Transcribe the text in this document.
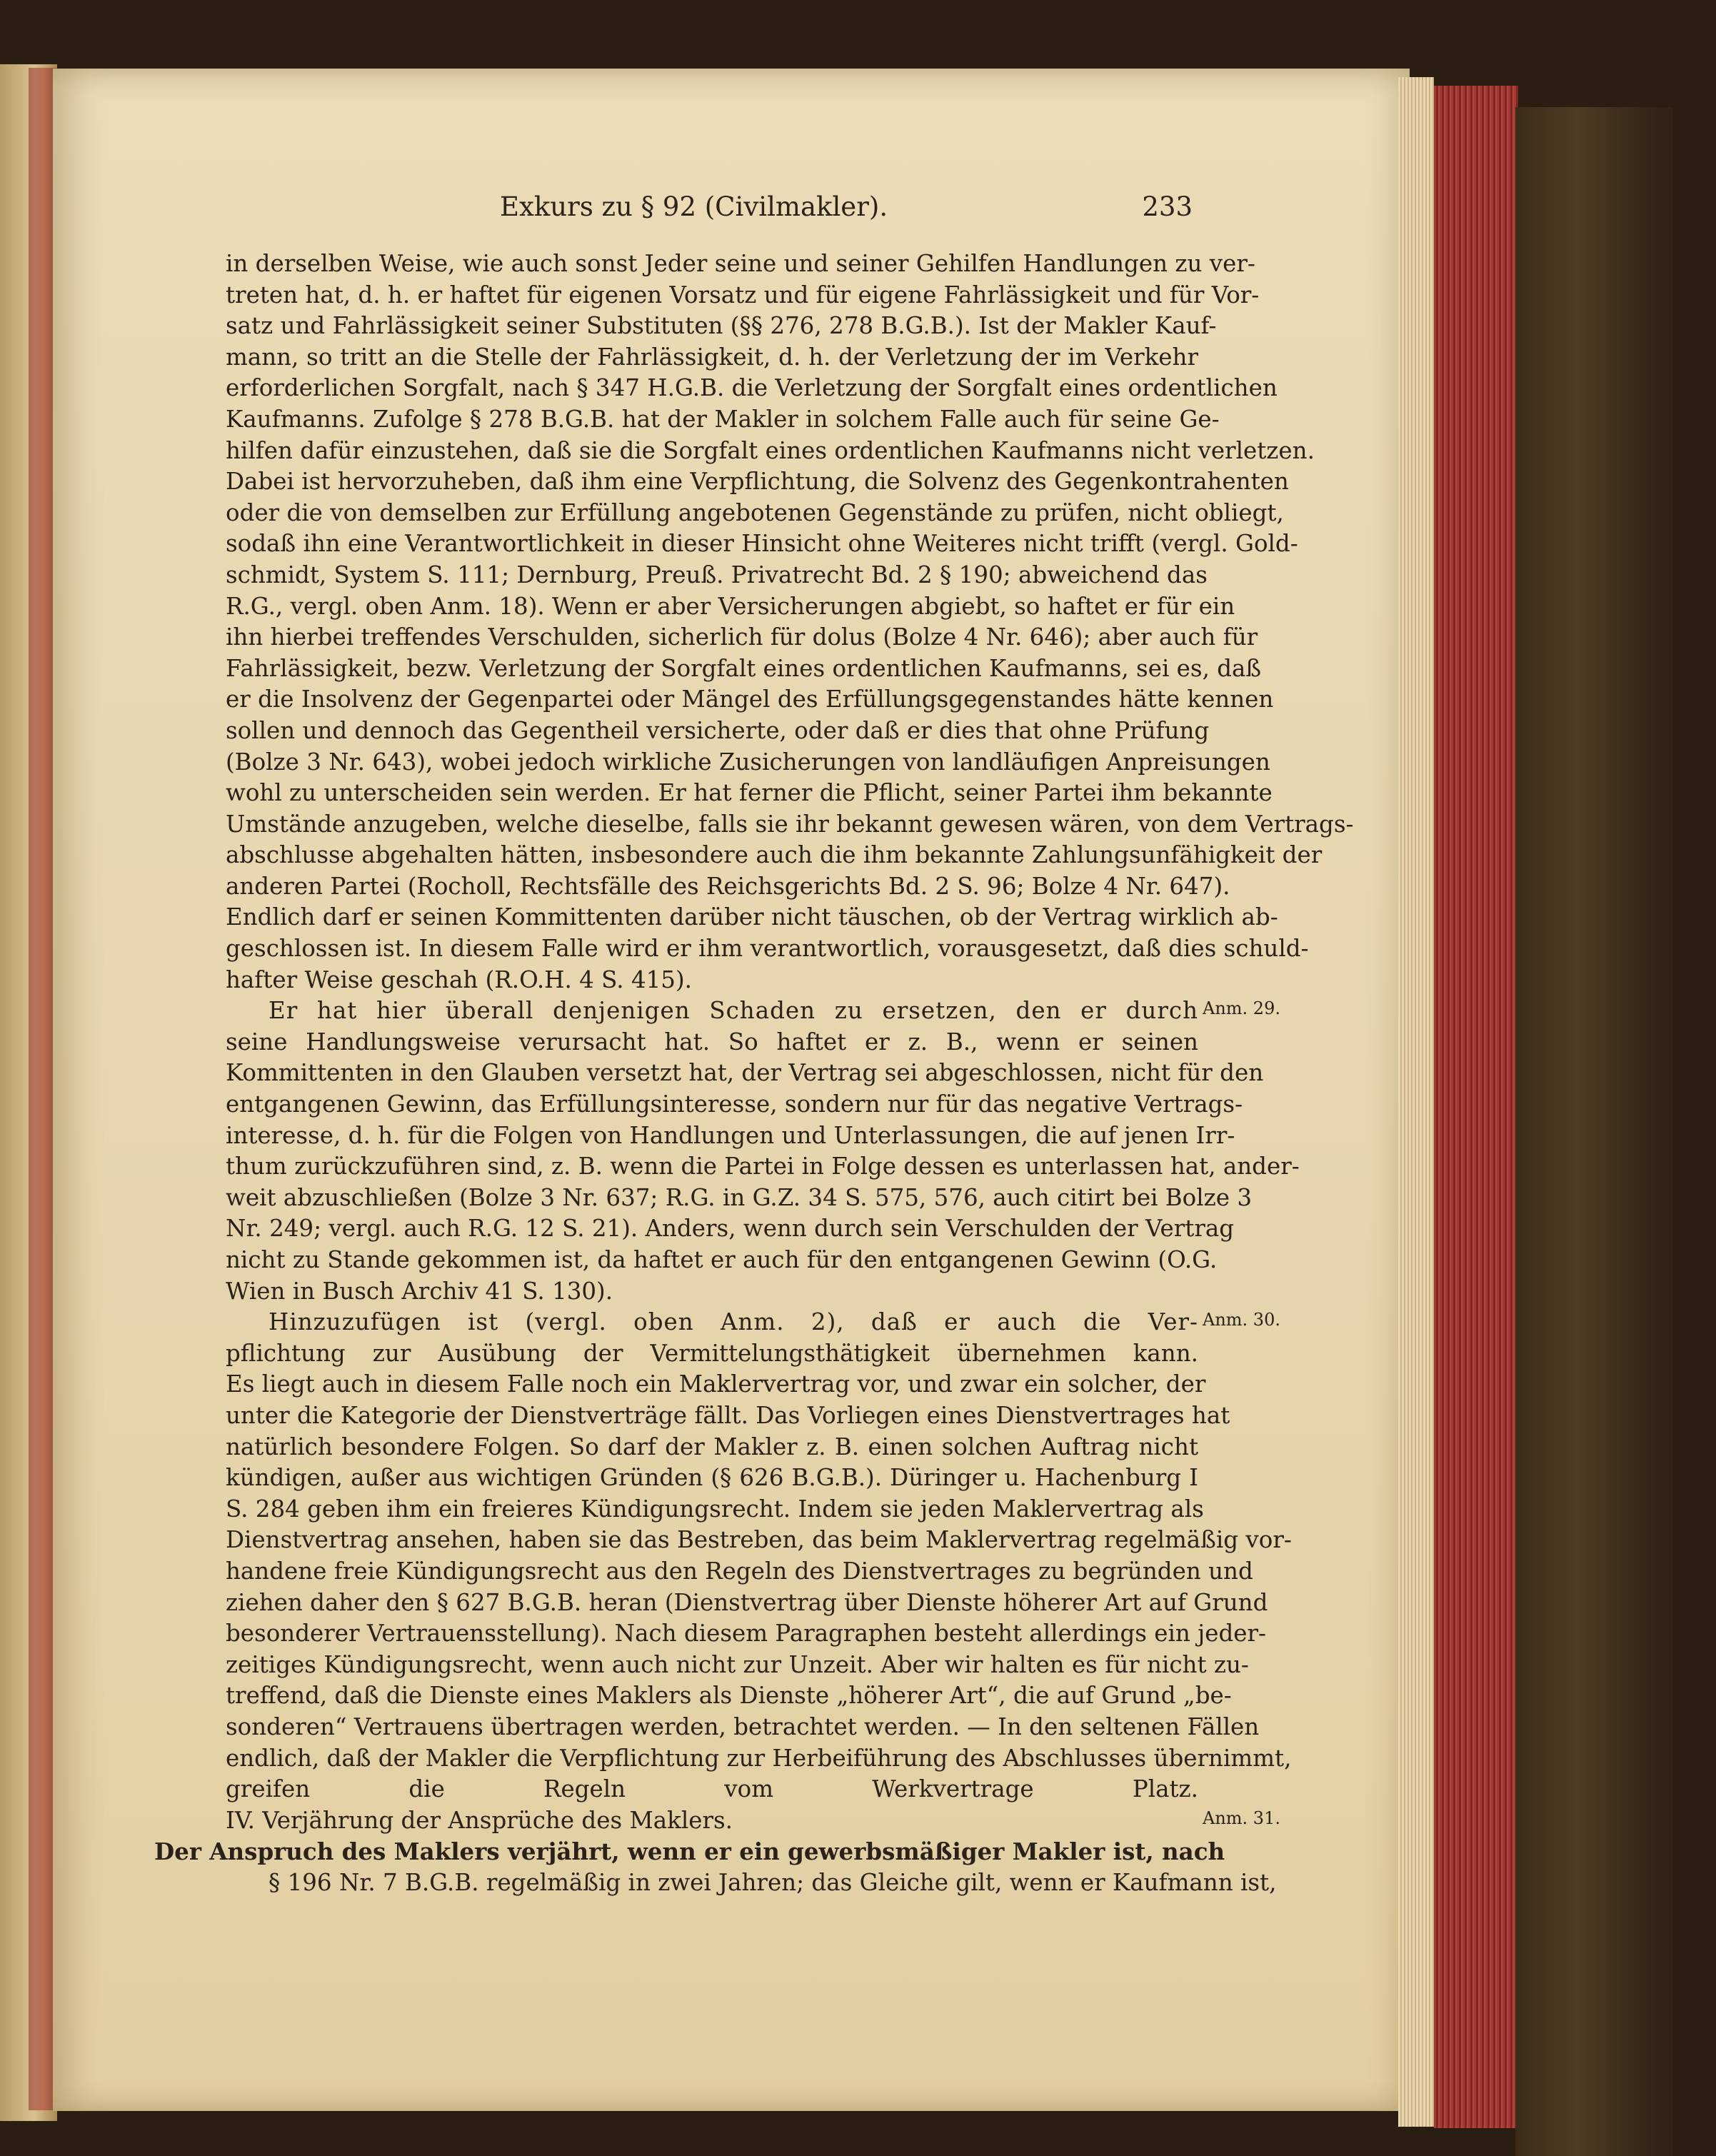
Exkurs zu § 92 (Civilmakler).	233
in derselben Weise, wie auch sonst Jeder seine und seiner Gehilfen Handlungen zu ver-
treten hat, d. h. er haftet für eigenen Vorsatz und für eigene Fahrlässigkeit und für Vor-
satz und Fahrlässigkeit seiner Substituten (§§ 276, 278 B.G.B.). Ist der Makler Kauf-
mann, so tritt an die Stelle der Fahrlässigkeit, d. h. der Verletzung der im Verkehr
erforderlichen Sorgfalt, nach § 347 H.G.B. die Verletzung der Sorgfalt eines ordentlichen
Kaufmanns. Zufolge § 278 B.G.B. hat der Makler in solchem Falle auch für seine Ge-
hilfen dafür einzustehen, daß sie die Sorgfalt eines ordentlichen Kaufmanns nicht verletzen.
Dabei ist hervorzuheben, daß ihm eine Verpflichtung, die Solvenz des Gegenkontrahenten
oder die von demselben zur Erfüllung angebotenen Gegenstände zu prüfen, nicht obliegt,
sodaß ihn eine Verantwortlichkeit in dieser Hinsicht ohne Weiteres nicht trifft (vergl. Gold-
schmidt, System S. 111; Dernburg, Preuß. Privatrecht Bd. 2 § 190; abweichend das
R.G., vergl. oben Anm. 18). Wenn er aber Versicherungen abgiebt, so haftet er für ein
ihn hierbei treffendes Verschulden, sicherlich für dolus (Bolze 4 Nr. 646); aber auch für
Fahrlässigkeit, bezw. Verletzung der Sorgfalt eines ordentlichen Kaufmanns, sei es, daß
er die Insolvenz der Gegenpartei oder Mängel des Erfüllungsgegenstandes hätte kennen
sollen und dennoch das Gegentheil versicherte, oder daß er dies that ohne Prüfung
(Bolze 3 Nr. 643), wobei jedoch wirkliche Zusicherungen von landläufigen Anpreisungen
wohl zu unterscheiden sein werden. Er hat ferner die Pflicht, seiner Partei ihm bekannte
Umstände anzugeben, welche dieselbe, falls sie ihr bekannt gewesen wären, von dem Vertrags-
abschlusse abgehalten hätten, insbesondere auch die ihm bekannte Zahlungsunfähigkeit der
anderen Partei (Rocholl, Rechtsfälle des Reichsgerichts Bd. 2 S. 96; Bolze 4 Nr. 647).
Endlich darf er seinen Kommittenten darüber nicht täuschen, ob der Vertrag wirklich ab-
geschlossen ist. In diesem Falle wird er ihm verantwortlich, vorausgesetzt, daß dies schuld-
hafter Weise geschah (R.O.H. 4 S. 415).
Er hat hier überall denjenigen Schaden zu ersetzen, den er durch
seine Handlungsweise verursacht hat. So haftet er z. B., wenn er seinen
Kommittenten in den Glauben versetzt hat, der Vertrag sei abgeschlossen, nicht für den
entgangenen Gewinn, das Erfüllungsinteresse, sondern nur für das negative Vertrags-
interesse, d. h. für die Folgen von Handlungen und Unterlassungen, die auf jenen Irr-
thum zurückzuführen sind, z. B. wenn die Partei in Folge dessen es unterlassen hat, ander-
weit abzuschließen (Bolze 3 Nr. 637; R.G. in G.Z. 34 S. 575, 576, auch citirt bei Bolze 3
Nr. 249; vergl. auch R.G. 12 S. 21). Anders, wenn durch sein Verschulden der Vertrag
nicht zu Stande gekommen ist, da haftet er auch für den entgangenen Gewinn (O.G.
Wien in Busch Archiv 41 S. 130).
Hinzuzufügen ist (vergl. oben Anm. 2), daß er auch die Ver-
pflichtung zur Ausübung der Vermittelungsthätigkeit übernehmen kann.
Es liegt auch in diesem Falle noch ein Maklervertrag vor, und zwar ein solcher, der
unter die Kategorie der Dienstverträge fällt. Das Vorliegen eines Dienstvertrages hat
natürlich besondere Folgen. So darf der Makler z. B. einen solchen Auftrag nicht
kündigen, außer aus wichtigen Gründen (§ 626 B.G.B.). Düringer u. Hachenburg I
S. 284 geben ihm ein freieres Kündigungsrecht. Indem sie jeden Maklervertrag als
Dienstvertrag ansehen, haben sie das Bestreben, das beim Maklervertrag regelmäßig vor-
handene freie Kündigungsrecht aus den Regeln des Dienstvertrages zu begründen und
ziehen daher den § 627 B.G.B. heran (Dienstvertrag über Dienste höherer Art auf Grund
besonderer Vertrauensstellung). Nach diesem Paragraphen besteht allerdings ein jeder-
zeitiges Kündigungsrecht, wenn auch nicht zur Unzeit. Aber wir halten es für nicht zu-
treffend, daß die Dienste eines Maklers als Dienste „höherer Art“, die auf Grund „be-
sonderen“ Vertrauens übertragen werden, betrachtet werden. — In den seltenen Fällen
endlich, daß der Makler die Verpflichtung zur Herbeiführung des Abschlusses übernimmt,
greifen die Regeln vom Werkvertrage Platz.
IV. Verjährung der Ansprüche des Maklers.
Der Anspruch des Maklers verjährt, wenn er ein gewerbsmäßiger Makler ist, nach
§ 196 Nr. 7 B.G.B. regelmäßig in zwei Jahren; das Gleiche gilt, wenn er Kaufmann ist,
Anm. 29.
Anm. 30.
Anm. 31.
